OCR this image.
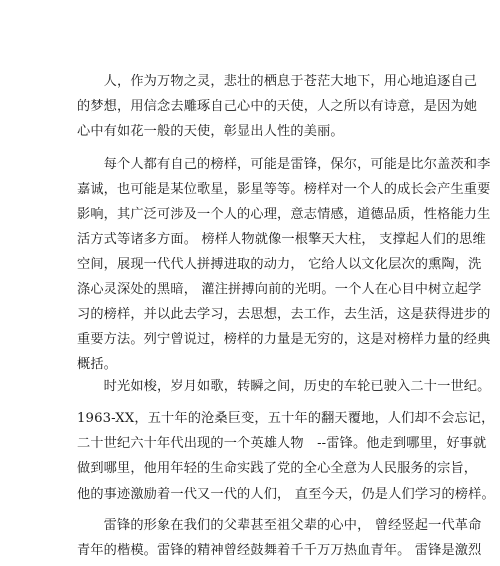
　　人，作为万物之灵，悲壮的栖息于苍茫大地下，用心地追逐自己
的梦想，用信念去雕琢自己心中的天使，人之所以有诗意，是因为她
心中有如花一般的天使，彰显出人性的美丽。

　　每个人都有自己的榜样，可能是雷锋，保尔，可能是比尔盖茨和李
嘉诚，也可能是某位歌星，影星等等。榜样对一个人的成长会产生重要
影响，其广泛可涉及一个人的心理，意志情感，道德品质，性格能力生
活方式等诸多方面。 榜样人物就像一根擎天大柱， 支撑起人们的思维
空间，展现一代代人拼搏进取的动力， 它给人以文化层次的熏陶，洗
涤心灵深处的黑暗， 灌注拼搏向前的光明。一个人在心目中树立起学
习的榜样，并以此去学习，去思想，去工作，去生活，这是获得进步的
重要方法。列宁曾说过，榜样的力量是无穷的，这是对榜样力量的经典
概括。

　　时光如梭，岁月如歌，转瞬之间，历史的车轮已驶入二十一世纪。

1963-XX，五十年的沧桑巨变，五十年的翻天覆地，人们却不会忘记，
二十世纪六十年代出现的一个英雄人物　--雷锋。他走到哪里，好事就
做到哪里，他用年轻的生命实践了党的全心全意为人民服务的宗旨，

他的事迹激励着一代又一代的人们， 直至今天，仍是人们学习的榜样。

　　雷锋的形象在我们的父辈甚至祖父辈的心中， 曾经竖起一代革命
青年的楷模。雷锋的精神曾经鼓舞着千千万万热血青年。 雷锋是激烈
